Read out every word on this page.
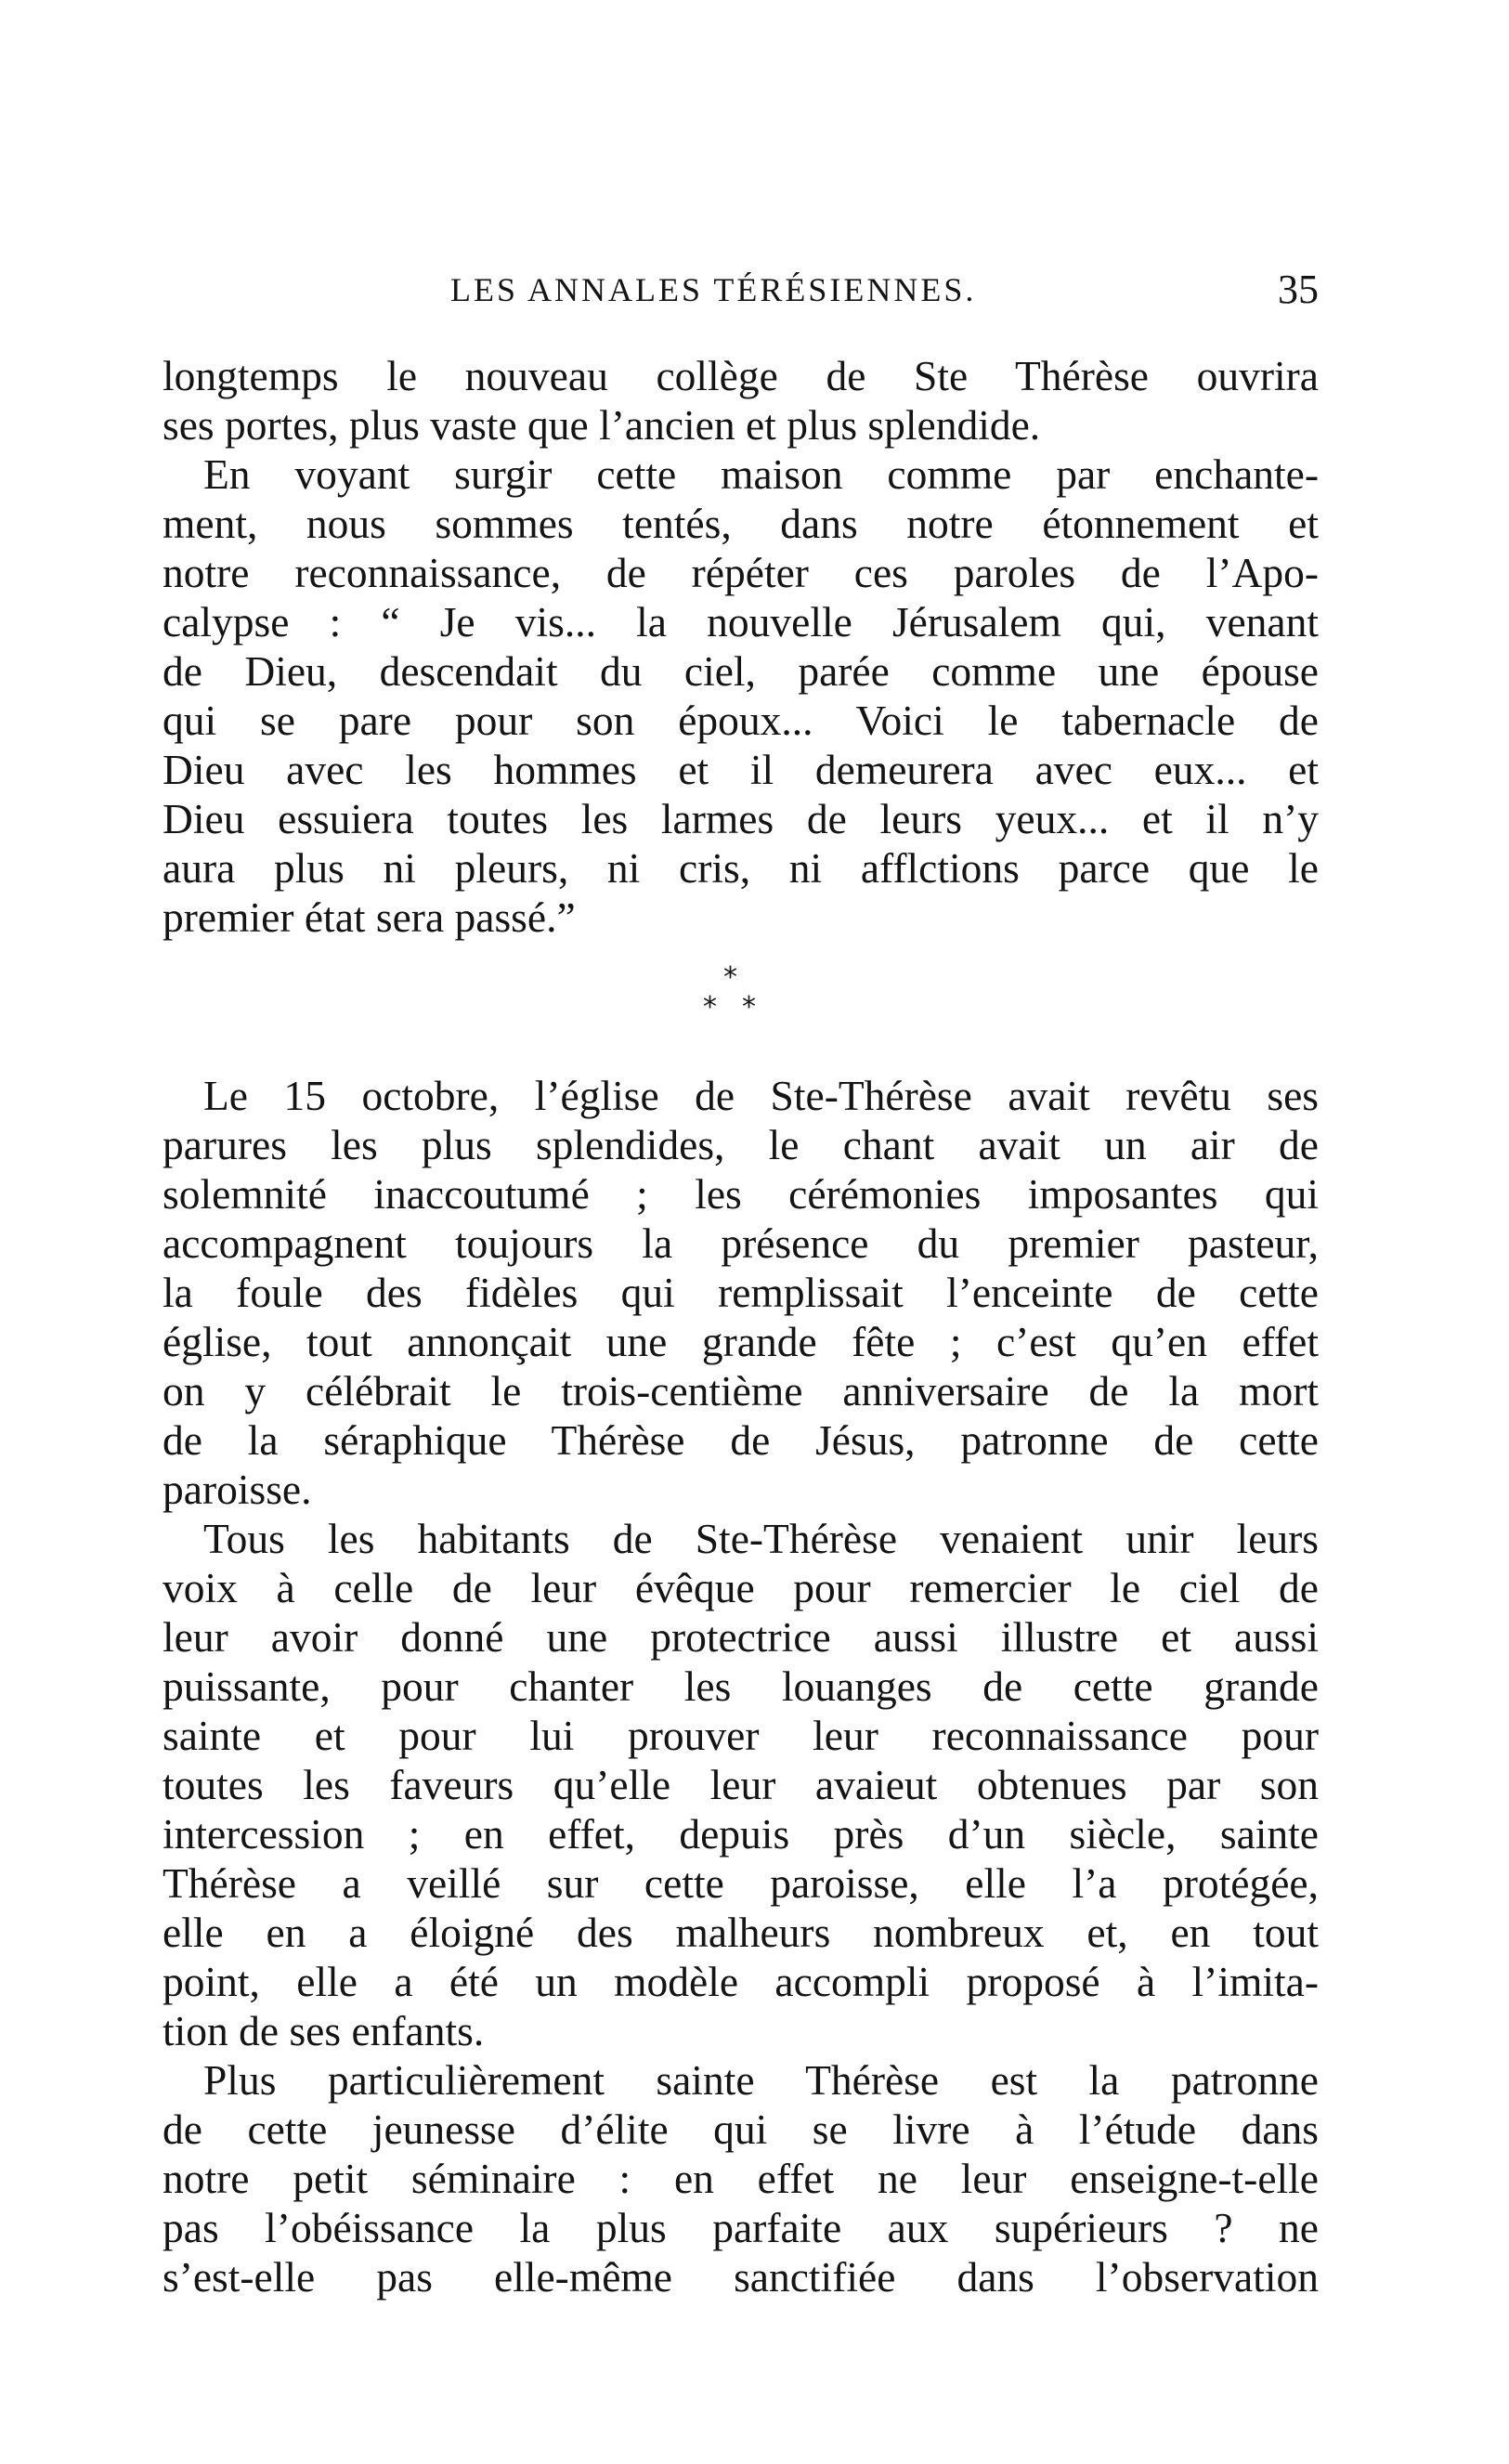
LES ANNALES TÉRÉSIENNES.	35
longtemps le nouveau collège de Ste Thérèse ouvrira
ses portes, plus vaste que l’ancien et plus splendide.
En voyant surgir cette maison comme par enchante-
ment, nous sommes tentés, dans notre étonnement et
notre reconnaissance, de répéter ces paroles de l’Apo-
calypse : “ Je vis... la nouvelle Jérusalem qui, venant
de Dieu, descendait du ciel, parée comme une épouse
qui se pare pour son époux... Voici le tabernacle de
Dieu avec les hommes et il demeurera avec eux... et
Dieu essuiera toutes les larmes de leurs yeux... et il n’y
aura plus ni pleurs, ni cris, ni afflctions parce que le
premier état sera passé.”
*
* *
Le 15 octobre, l’église de Ste-Thérèse avait revêtu ses
parures les plus splendides, le chant avait un air de
solemnité inaccoutumé ; les cérémonies imposantes qui
accompagnent toujours la présence du premier pasteur,
la foule des fidèles qui remplissait l’enceinte de cette
église, tout annonçait une grande fête ; c’est qu’en effet
on y célébrait le trois-centième anniversaire de la mort
de la séraphique Thérèse de Jésus, patronne de cette
paroisse.
Tous les habitants de Ste-Thérèse venaient unir leurs
voix à celle de leur évêque pour remercier le ciel de
leur avoir donné une protectrice aussi illustre et aussi
puissante, pour chanter les louanges de cette grande
sainte et pour lui prouver leur reconnaissance pour
toutes les faveurs qu’elle leur avaieut obtenues par son
intercession ; en effet, depuis près d’un siècle, sainte
Thérèse a veillé sur cette paroisse, elle l’a protégée,
elle en a éloigné des malheurs nombreux et, en tout
point, elle a été un modèle accompli proposé à l’imita-
tion de ses enfants.
Plus particulièrement sainte Thérèse est la patronne
de cette jeunesse d’élite qui se livre à l’étude dans
notre petit séminaire : en effet ne leur enseigne-t-elle
pas l’obéissance la plus parfaite aux supérieurs ? ne
s’est-elle pas elle-même sanctifiée dans l’observation
